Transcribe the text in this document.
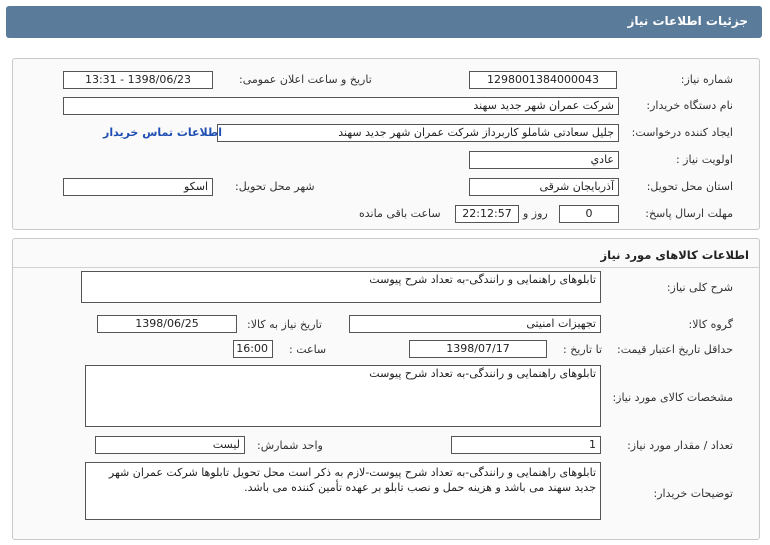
جزئیات اطلاعات نیاز
شماره نیاز:
1298001384000043
تاریخ و ساعت اعلان عمومی:
1398/06/23 - 13:31
نام دستگاه خریدار:
شرکت عمران شهر جدید سهند
ایجاد کننده درخواست:
جلیل سعادتی شاملو کاربرداز شرکت عمران شهر جدید سهند
اطلاعات تماس خریدار
اولویت نیاز :
عادي
استان محل تحویل:
آذربایجان شرقی
شهر محل تحویل:
اسکو
مهلت ارسال پاسخ:
0
روز و
22:12:57
ساعت باقی مانده
اطلاعات کالاهای مورد نیاز
شرح کلی نیاز:
تابلوهای راهنمایی و رانندگی-به تعداد شرح پیوست
گروه کالا:
تجهیزات امنیتی
تاریخ نیاز به کالا:
1398/06/25
حداقل تاریخ اعتبار قیمت:
تا تاریخ :
1398/07/17
ساعت :
16:00
مشخصات کالای مورد نیاز:
تابلوهای راهنمایی و رانندگی-به تعداد شرح پیوست
تعداد / مقدار مورد نیاز:
1
واحد شمارش:
لیست
توضیحات خریدار:
تابلوهای راهنمایی و رانندگی-به تعداد شرح پیوست-لازم به ذکر است محل تحویل تابلوها شرکت عمران شهر جدید سهند می باشد و هزینه حمل و نصب تابلو بر عهده تأمین کننده می باشد.
